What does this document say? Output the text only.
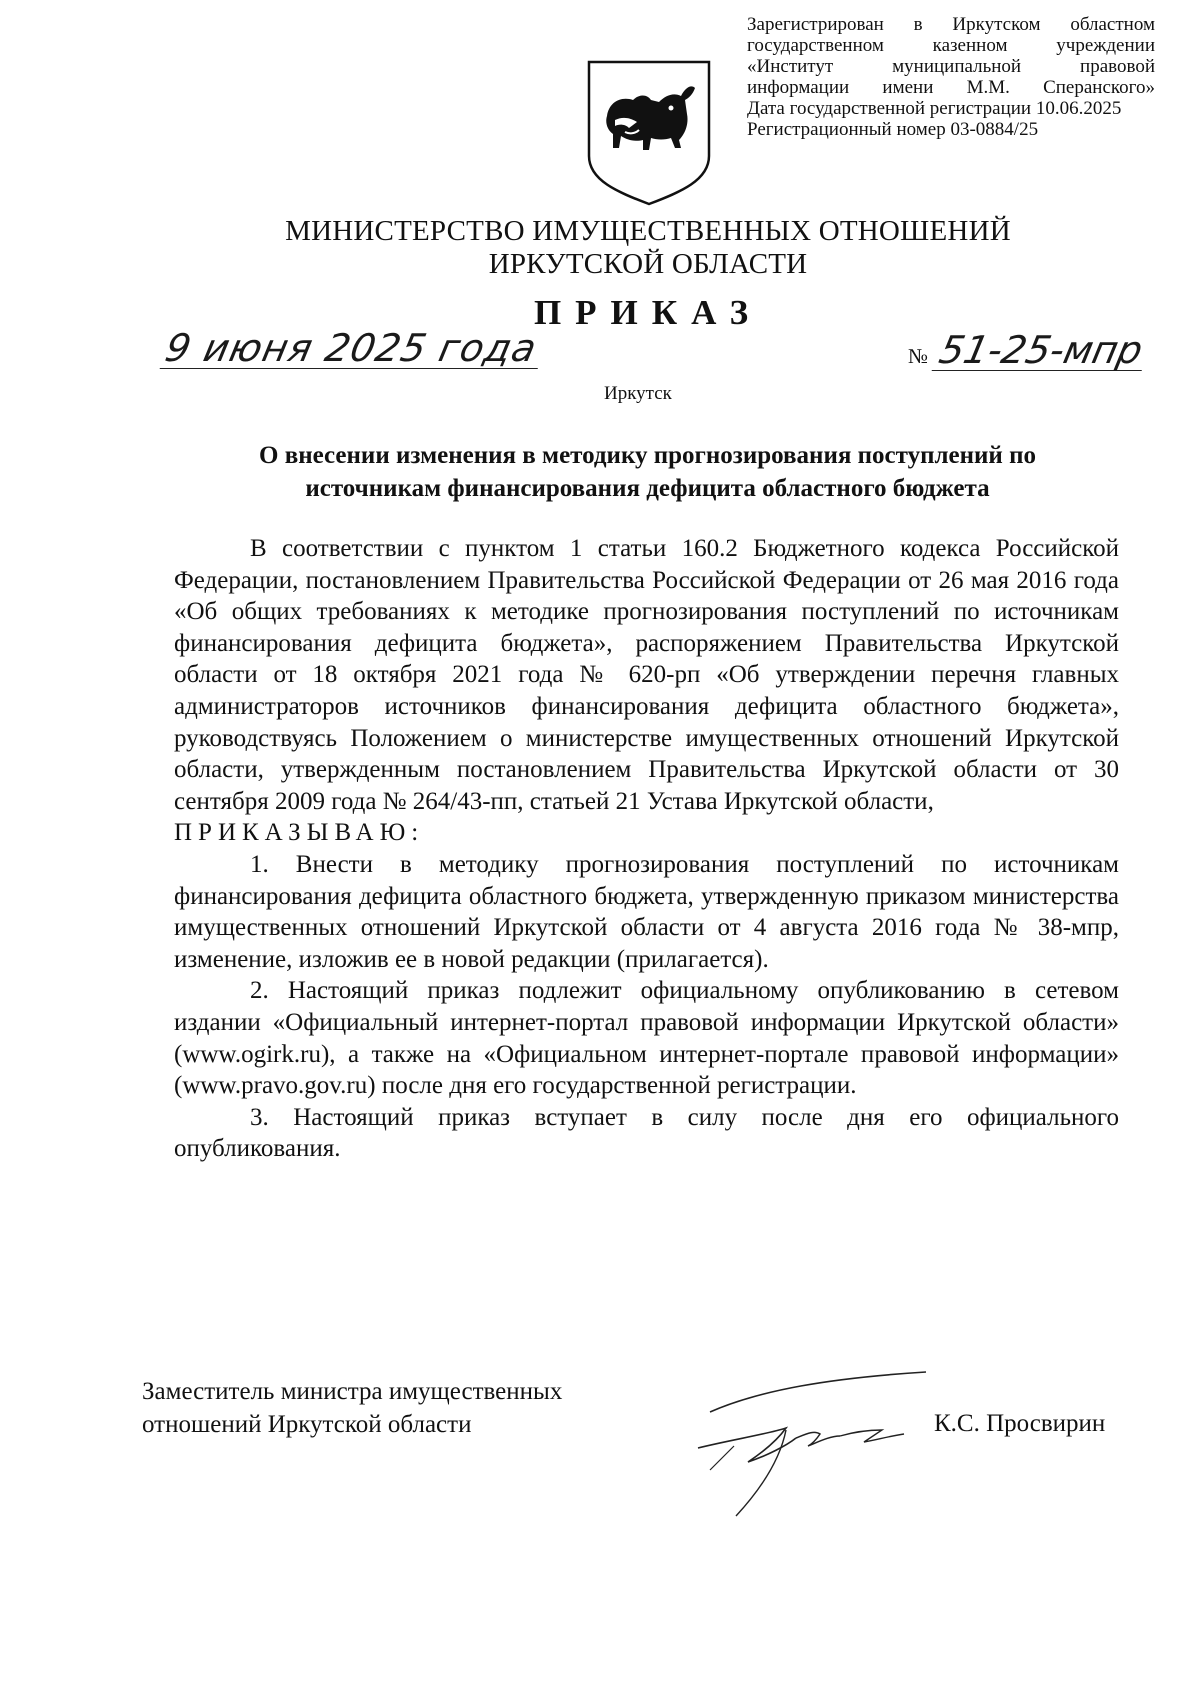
Зарегистрирован в Иркутском областном
государственном казенном учреждении
«Институт муниципальной правовой
информации имени М.М. Сперанского»
Дата государственной регистрации 10.06.2025
Регистрационный номер 03-0884/25
МИНИСТЕРСТВО ИМУЩЕСТВЕННЫХ ОТНОШЕНИЙ
ИРКУТСКОЙ ОБЛАСТИ
ПРИКАЗ
9 июня 2025 года	№ 51-25-мпр
Иркутск
О внесении изменения в методику прогнозирования поступлений по
источникам финансирования дефицита областного бюджета

В соответствии с пунктом 1 статьи 160.2 Бюджетного кодекса Российской Федерации, постановлением Правительства Российской Федерации от 26 мая 2016 года «Об общих требованиях к методике прогнозирования поступлений по источникам финансирования дефицита бюджета», распоряжением Правительства Иркутской области от 18 октября 2021 года № 620-рп «Об утверждении перечня главных администраторов источников финансирования дефицита областного бюджета», руководствуясь Положением о министерстве имущественных отношений Иркутской области, утвержденным постановлением Правительства Иркутской области от 30 сентября 2009 года № 264/43-пп, статьей 21 Устава Иркутской области,

ПРИКАЗЫВАЮ:

1. Внести в методику прогнозирования поступлений по источникам финансирования дефицита областного бюджета, утвержденную приказом министерства имущественных отношений Иркутской области от 4 августа 2016 года № 38-мпр, изменение, изложив ее в новой редакции (прилагается).

2. Настоящий приказ подлежит официальному опубликованию в сетевом издании «Официальный интернет-портал правовой информации Иркутской области» (www.ogirk.ru), а также на «Официальном интернет-портале правовой информации» (www.pravo.gov.ru) после дня его государственной регистрации.

3. Настоящий приказ вступает в силу после дня его официального опубликования.

Заместитель министра имущественных
отношений Иркутской области	К.С. Просвирин
